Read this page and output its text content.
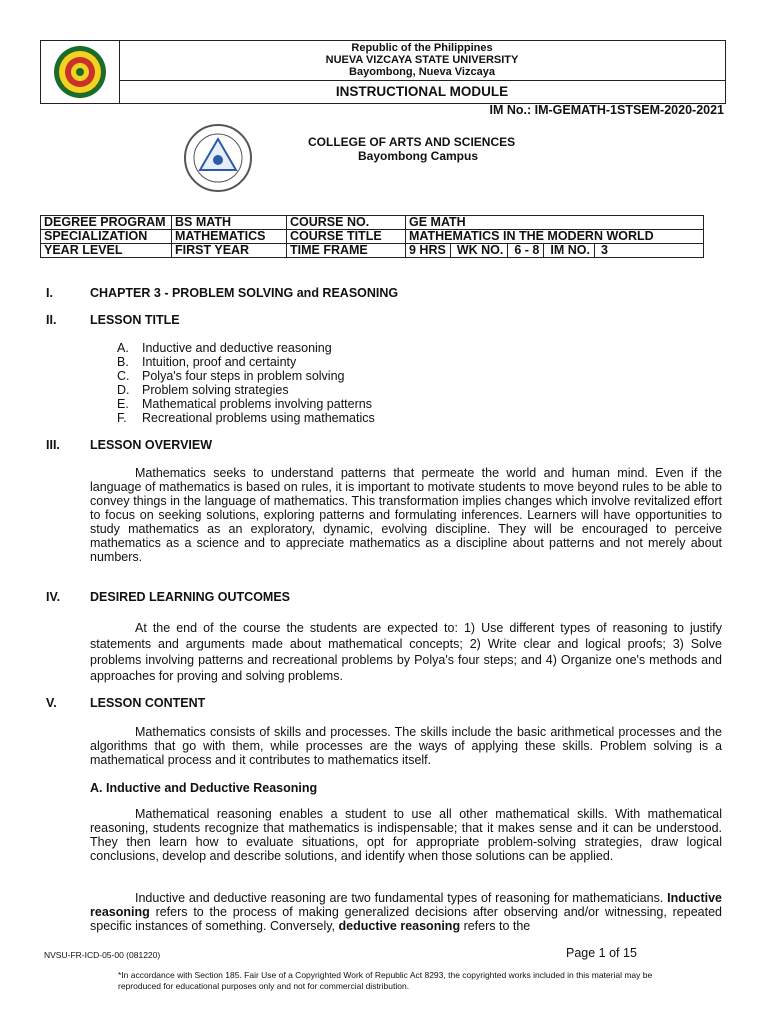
Republic of the Philippines
NUEVA VIZCAYA STATE UNIVERSITY
Bayombong, Nueva Vizcaya
INSTRUCTIONAL MODULE
IM No.: IM-GEMATH-1STSEM-2020-2021
COLLEGE OF ARTS AND SCIENCES
Bayombong Campus
DEGREE PROGRAM	BS MATH	COURSE NO.	GE MATH
SPECIALIZATION	MATHEMATICS	COURSE TITLE	MATHEMATICS IN THE MODERN WORLD
YEAR LEVEL	FIRST YEAR	TIME FRAME	9 HRS WK NO. 6 - 8 IM NO. 3
I.	CHAPTER 3 - PROBLEM SOLVING and REASONING
II.	LESSON TITLE
A. Inductive and deductive reasoning
B. Intuition, proof and certainty
C. Polya's four steps in problem solving
D. Problem solving strategies
E. Mathematical problems involving patterns
F. Recreational problems using mathematics
III. LESSON OVERVIEW
Mathematics seeks to understand patterns that permeate the world and human mind. Even if the language of mathematics is based on rules, it is important to motivate students to move beyond rules to be able to convey things in the language of mathematics. This transformation implies changes which involve revitalized effort to focus on seeking solutions, exploring patterns and formulating inferences. Learners will have opportunities to study mathematics as an exploratory, dynamic, evolving discipline. They will be encouraged to perceive mathematics as a science and to appreciate mathematics as a discipline about patterns and not merely about numbers.
IV. DESIRED LEARNING OUTCOMES
At the end of the course the students are expected to: 1) Use different types of reasoning to justify statements and arguments made about mathematical concepts; 2) Write clear and logical proofs; 3) Solve problems involving patterns and recreational problems by Polya's four steps; and 4) Organize one's methods and approaches for proving and solving problems.
V.	LESSON CONTENT
Mathematics consists of skills and processes. The skills include the basic arithmetical processes and the algorithms that go with them, while processes are the ways of applying these skills. Problem solving is a mathematical process and it contributes to mathematics itself.
A. Inductive and Deductive Reasoning
Mathematical reasoning enables a student to use all other mathematical skills. With mathematical reasoning, students recognize that mathematics is indispensable; that it makes sense and it can be understood. They then learn how to evaluate situations, opt for appropriate problem-solving strategies, draw logical conclusions, develop and describe solutions, and identify when those solutions can be applied.
Inductive and deductive reasoning are two fundamental types of reasoning for mathematicians. Inductive reasoning refers to the process of making generalized decisions after observing and/or witnessing, repeated specific instances of something. Conversely, deductive reasoning refers to the
NVSU-FR-ICD-05-00 (081220)	Page 1 of 15
*In accordance with Section 185. Fair Use of a Copyrighted Work of Republic Act 8293, the copyrighted works included in this material may be reproduced for educational purposes only and not for commercial distribution.
